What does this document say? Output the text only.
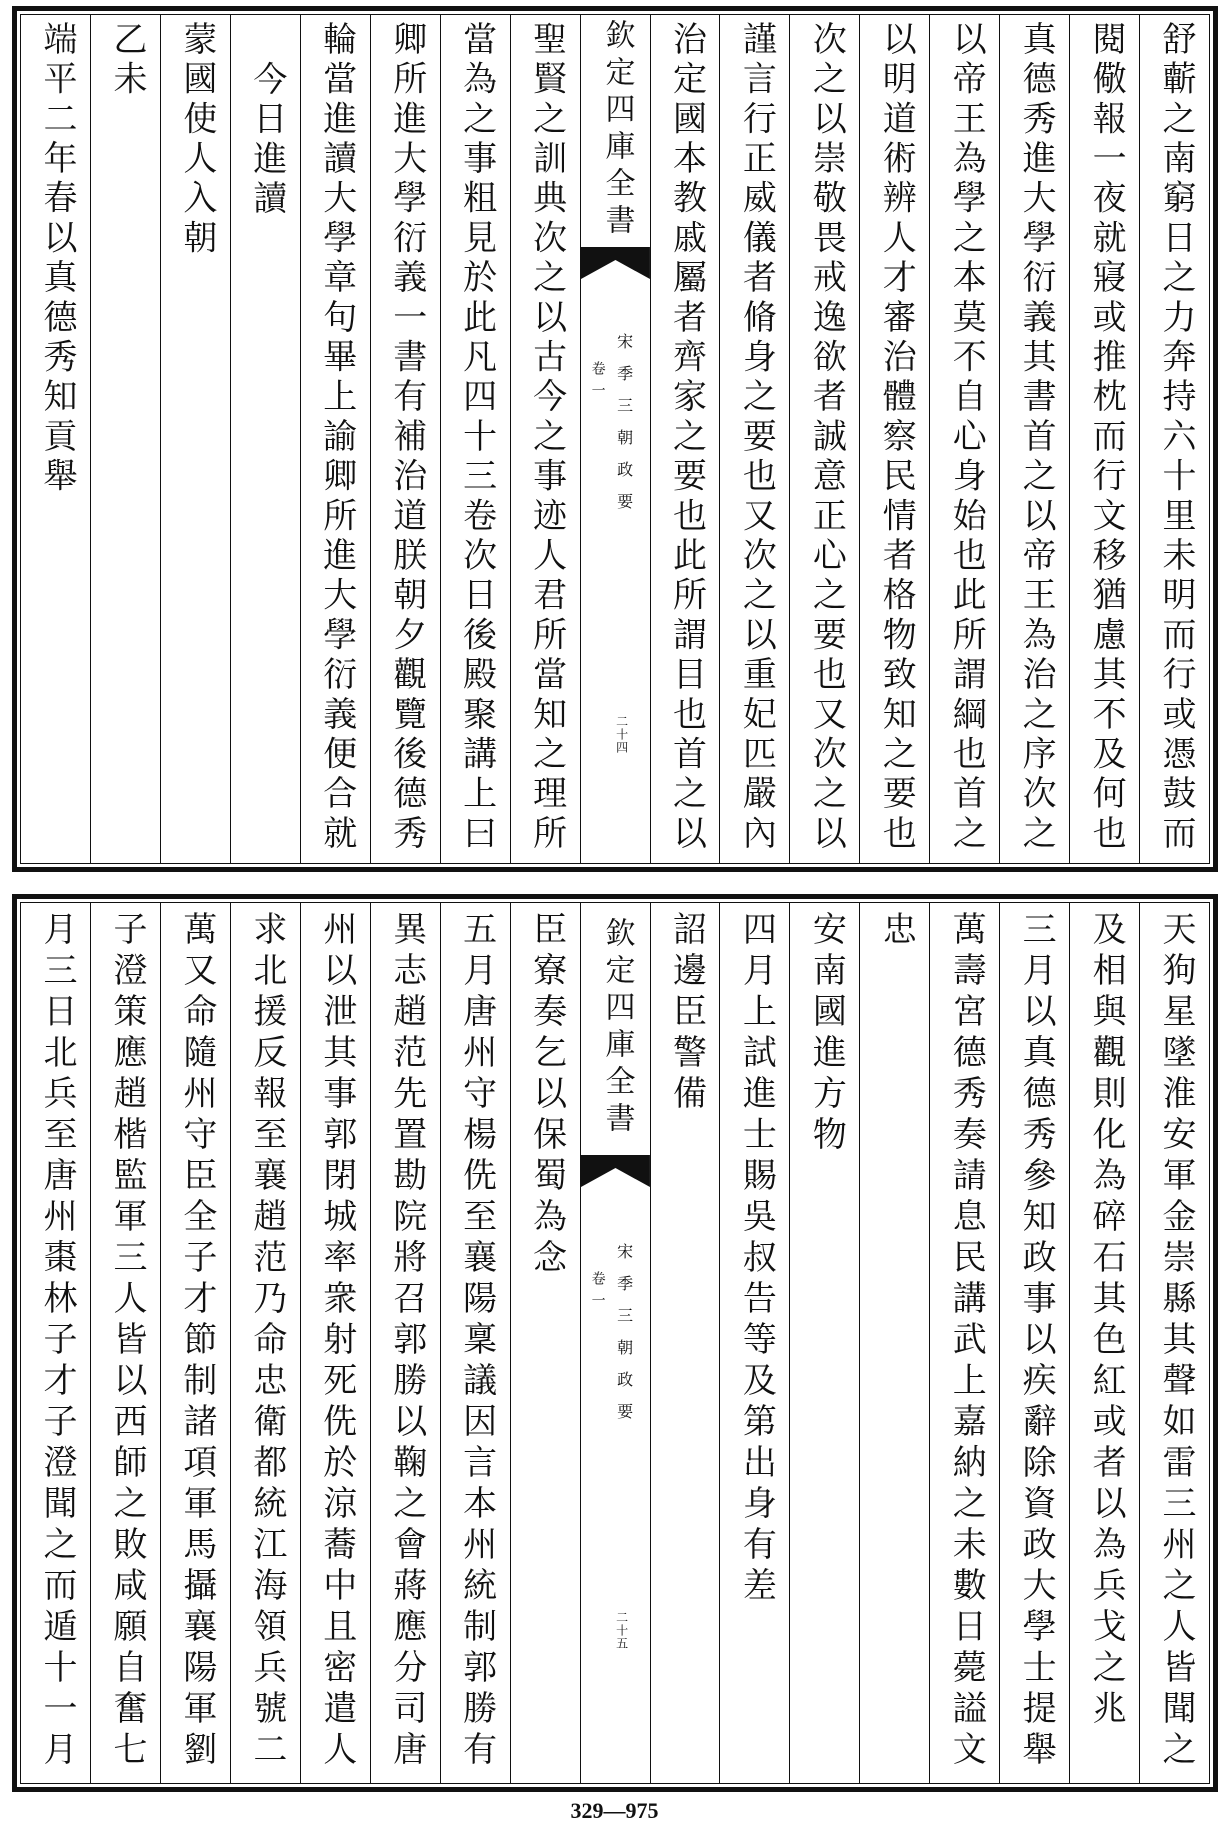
舒蘄之南窮日之力奔持六十里未明而行或憑鼓而
閱儆報一夜就寢或推枕而行文移猶慮其不及何也
真德秀進大學衍義其書首之以帝王為治之序次之
以帝王為學之本莫不自心身始也此所謂綱也首之
以明道術辨人才審治體察民情者格物致知之要也
次之以崇敬畏戒逸欲者誠意正心之要也又次之以
謹言行正威儀者脩身之要也又次之以重妃匹嚴內
治定國本教戚屬者齊家之要也此所謂目也首之以
欽定四庫全書
宋季三朝政要
卷一
二十四
聖賢之訓典次之以古今之事迹人君所當知之理所
當為之事粗見於此凡四十三卷次日後殿聚講上曰
卿所進大學衍義一書有補治道朕朝夕觀覽後德秀
輪當進讀大學章句畢上諭卿所進大學衍義便合就
今日進讀
蒙國使人入朝
乙未
端平二年春以真德秀知貢舉
天狗星墜淮安軍金崇縣其聲如雷三州之人皆聞之
及相與觀則化為碎石其色紅或者以為兵戈之兆
三月以真德秀參知政事以疾辭除資政大學士提舉
萬壽宮德秀奏請息民講武上嘉納之未數日薨謚文
忠
安南國進方物
四月上試進士賜吳叔告等及第出身有差
詔邊臣警備
欽定四庫全書
宋季三朝政要
卷一
二十五
臣寮奏乞以保蜀為念
五月唐州守楊侁至襄陽稟議因言本州統制郭勝有
異志趙范先置勘院將召郭勝以鞠之會蔣應分司唐
州以泄其事郭閉城率衆射死侁於涼蕎中且密遣人
求北援反報至襄趙范乃命忠衛都統江海領兵號二
萬又命隨州守臣全子才節制諸項軍馬攝襄陽軍劉
子澄策應趙楷監軍三人皆以西師之敗咸願自奮七
月三日北兵至唐州棗林子才子澄聞之而遁十一月
329—975
